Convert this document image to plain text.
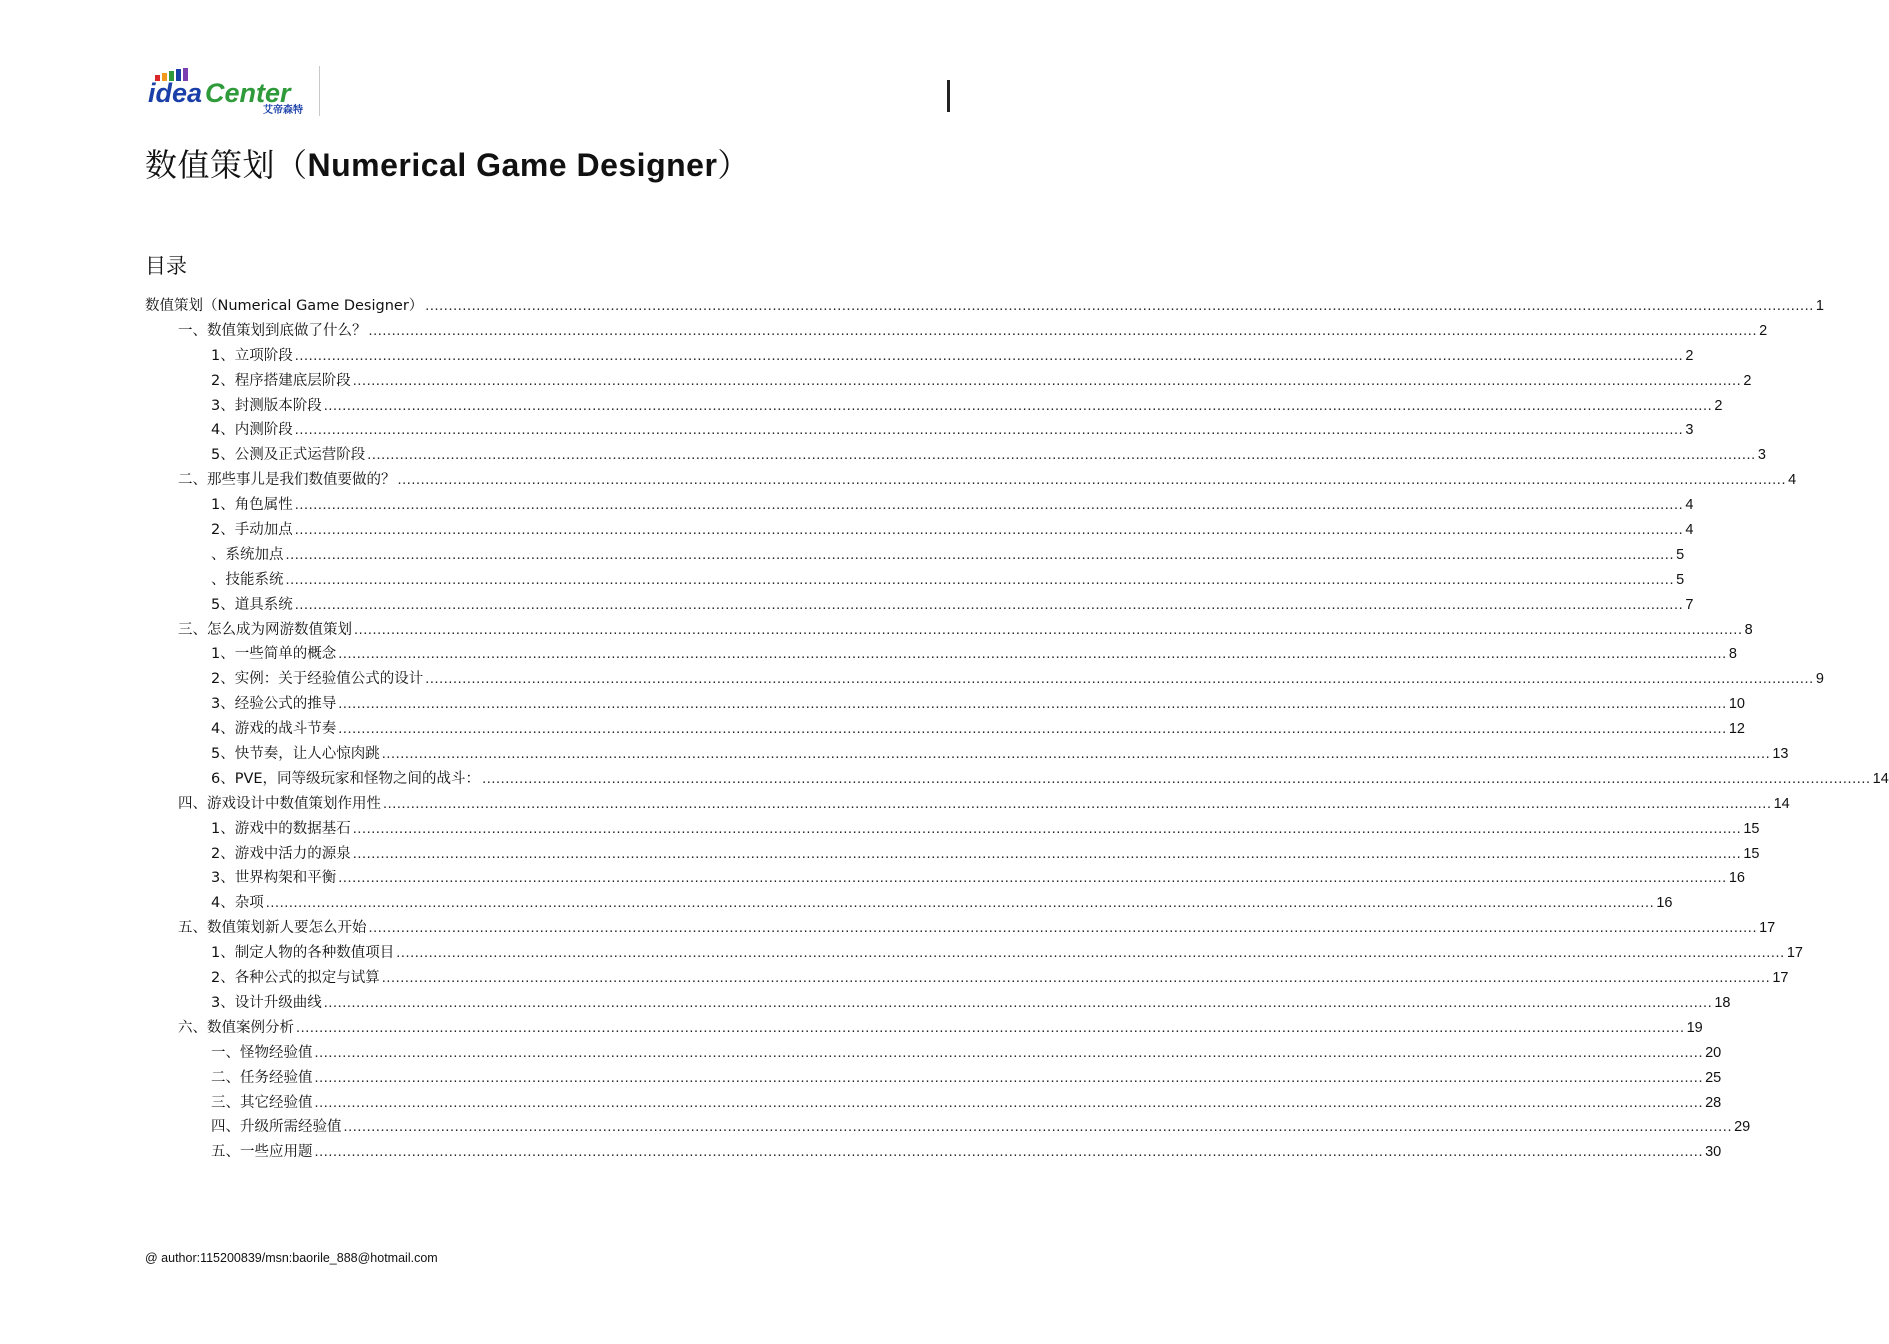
idea Center
艾帝森特
数值策划（Numerical Game Designer）
目录
数值策划（Numerical Game Designer） ............................................................................................................................................................................................................................................................................................................ 1
一、数值策划到底做了什么？ ............................................................................................................................................................................................................................................................................................................ 2
1、立项阶段 ............................................................................................................................................................................................................................................................................................................ 2
2、程序搭建底层阶段 ............................................................................................................................................................................................................................................................................................................ 2
3、封测版本阶段 ............................................................................................................................................................................................................................................................................................................ 2
4、内测阶段 ............................................................................................................................................................................................................................................................................................................ 3
5、公测及正式运营阶段 ............................................................................................................................................................................................................................................................................................................ 3
二、那些事儿是我们数值要做的？ ............................................................................................................................................................................................................................................................................................................ 4
1、角色属性 ............................................................................................................................................................................................................................................................................................................ 4
2、手动加点 ............................................................................................................................................................................................................................................................................................................ 4
、系统加点 ............................................................................................................................................................................................................................................................................................................ 5
、技能系统 ............................................................................................................................................................................................................................................................................................................ 5
5、道具系统 ............................................................................................................................................................................................................................................................................................................ 7
三、怎么成为网游数值策划 ............................................................................................................................................................................................................................................................................................................ 8
1、一些简单的概念 ............................................................................................................................................................................................................................................................................................................ 8
2、实例：关于经验值公式的设计 ............................................................................................................................................................................................................................................................................................................ 9
3、经验公式的推导 ............................................................................................................................................................................................................................................................................................................ 10
4、游戏的战斗节奏 ............................................................................................................................................................................................................................................................................................................ 12
5、快节奏，让人心惊肉跳 ............................................................................................................................................................................................................................................................................................................ 13
6、PVE，同等级玩家和怪物之间的战斗： ............................................................................................................................................................................................................................................................................................................ 14
四、游戏设计中数值策划作用性 ............................................................................................................................................................................................................................................................................................................ 14
1、游戏中的数据基石 ............................................................................................................................................................................................................................................................................................................ 15
2、游戏中活力的源泉 ............................................................................................................................................................................................................................................................................................................ 15
3、世界构架和平衡 ............................................................................................................................................................................................................................................................................................................ 16
4、杂项 ............................................................................................................................................................................................................................................................................................................ 16
五、数值策划新人要怎么开始 ............................................................................................................................................................................................................................................................................................................ 17
1、制定人物的各种数值项目 ............................................................................................................................................................................................................................................................................................................ 17
2、各种公式的拟定与试算 ............................................................................................................................................................................................................................................................................................................ 17
3、设计升级曲线 ............................................................................................................................................................................................................................................................................................................ 18
六、数值案例分析 ............................................................................................................................................................................................................................................................................................................ 19
一、怪物经验值 ............................................................................................................................................................................................................................................................................................................ 20
二、任务经验值 ............................................................................................................................................................................................................................................................................................................ 25
三、其它经验值 ............................................................................................................................................................................................................................................................................................................ 28
四、升级所需经验值 ............................................................................................................................................................................................................................................................................................................ 29
五、一些应用题 ............................................................................................................................................................................................................................................................................................................ 30
@ author:115200839/msn:baorile_888@hotmail.com
